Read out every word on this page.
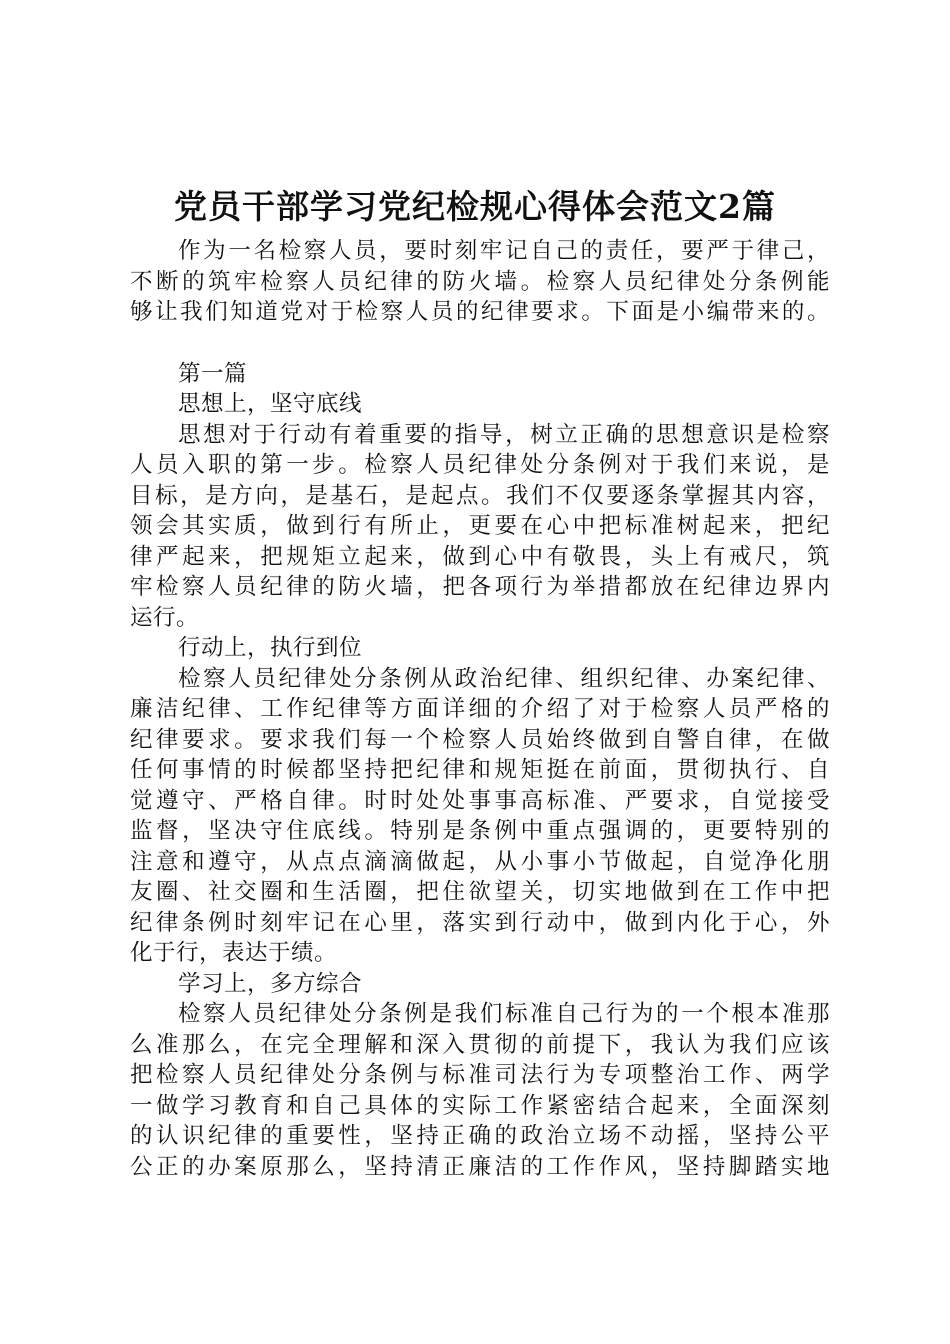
党员干部学习党纪检规心得体会范文2篇
作为一名检察人员，要时刻牢记自己的责任，要严于律己，
不断的筑牢检察人员纪律的防火墙。检察人员纪律处分条例能
够让我们知道党对于检察人员的纪律要求。下面是小编带来的。
第一篇
思想上，坚守底线
思想对于行动有着重要的指导，树立正确的思想意识是检察
人员入职的第一步。检察人员纪律处分条例对于我们来说，是
目标，是方向，是基石，是起点。我们不仅要逐条掌握其内容，
领会其实质，做到行有所止，更要在心中把标准树起来，把纪
律严起来，把规矩立起来，做到心中有敬畏，头上有戒尺，筑
牢检察人员纪律的防火墙，把各项行为举措都放在纪律边界内
运行。
行动上，执行到位
检察人员纪律处分条例从政治纪律、组织纪律、办案纪律、
廉洁纪律、工作纪律等方面详细的介绍了对于检察人员严格的
纪律要求。要求我们每一个检察人员始终做到自警自律，在做
任何事情的时候都坚持把纪律和规矩挺在前面，贯彻执行、自
觉遵守、严格自律。时时处处事事高标准、严要求，自觉接受
监督，坚决守住底线。特别是条例中重点强调的，更要特别的
注意和遵守，从点点滴滴做起，从小事小节做起，自觉净化朋
友圈、社交圈和生活圈，把住欲望关，切实地做到在工作中把
纪律条例时刻牢记在心里，落实到行动中，做到内化于心，外
化于行，表达于绩。
学习上，多方综合
检察人员纪律处分条例是我们标准自己行为的一个根本准那
么准那么，在完全理解和深入贯彻的前提下，我认为我们应该
把检察人员纪律处分条例与标准司法行为专项整治工作、两学
一做学习教育和自己具体的实际工作紧密结合起来，全面深刻
的认识纪律的重要性，坚持正确的政治立场不动摇，坚持公平
公正的办案原那么，坚持清正廉洁的工作作风，坚持脚踏实地
